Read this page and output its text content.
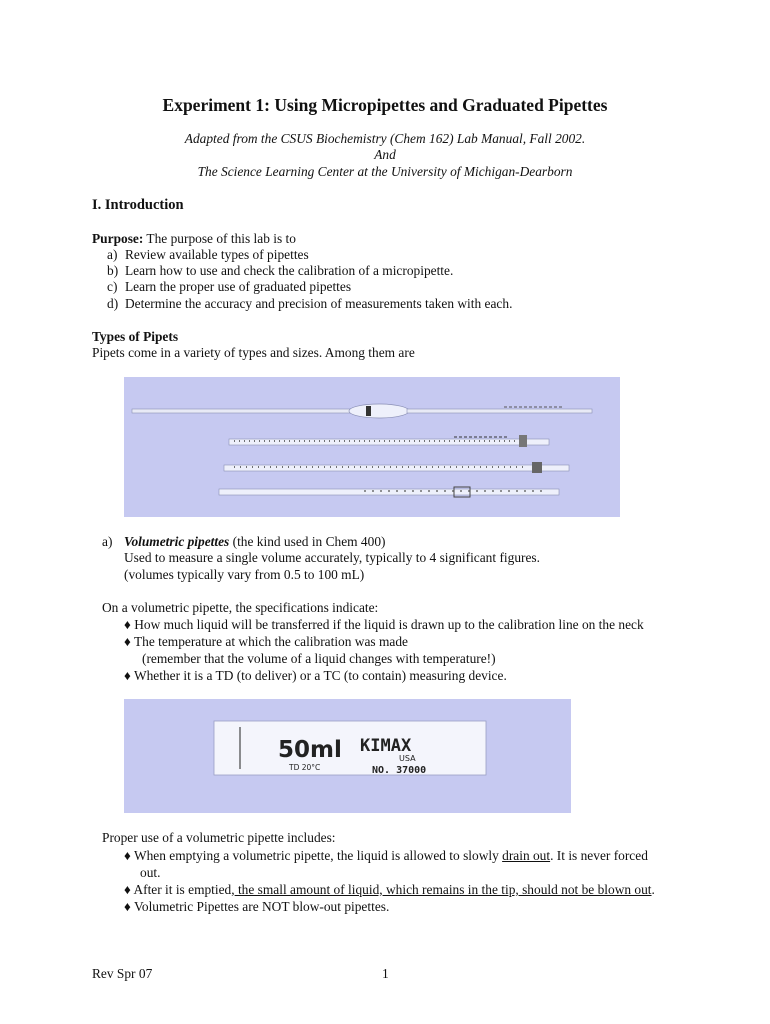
Experiment 1: Using Micropipettes and Graduated Pipettes
Adapted from the CSUS Biochemistry (Chem 162) Lab Manual, Fall 2002.
And
The Science Learning Center at the University of Michigan-Dearborn
I. Introduction
Purpose: The purpose of this lab is to
a) Review available types of pipettes
b) Learn how to use and check the calibration of a micropipette.
c) Learn the proper use of graduated pipettes
d) Determine the accuracy and precision of measurements taken with each.
Types of Pipets
Pipets come in a variety of types and sizes. Among them are
a) Volumetric pipettes (the kind used in Chem 400)
Used to measure a single volume accurately, typically to 4 significant figures.
(volumes typically vary from 0.5 to 100 mL)
On a volumetric pipette, the specifications indicate:
♦ How much liquid will be transferred if the liquid is drawn up to the calibration line on the neck
♦ The temperature at which the calibration was made
(remember that the volume of a liquid changes with temperature!)
♦ Whether it is a TD (to deliver) or a TC (to contain) measuring device.
50ml KIMAX
USA
TD 20°C	NO. 37000
Proper use of a volumetric pipette includes:
♦ When emptying a volumetric pipette, the liquid is allowed to slowly drain out. It is never forced
out.
♦ After it is emptied, the small amount of liquid, which remains in the tip, should not be blown out.
♦ Volumetric Pipettes are NOT blow-out pipettes.
Rev Spr 07	1
